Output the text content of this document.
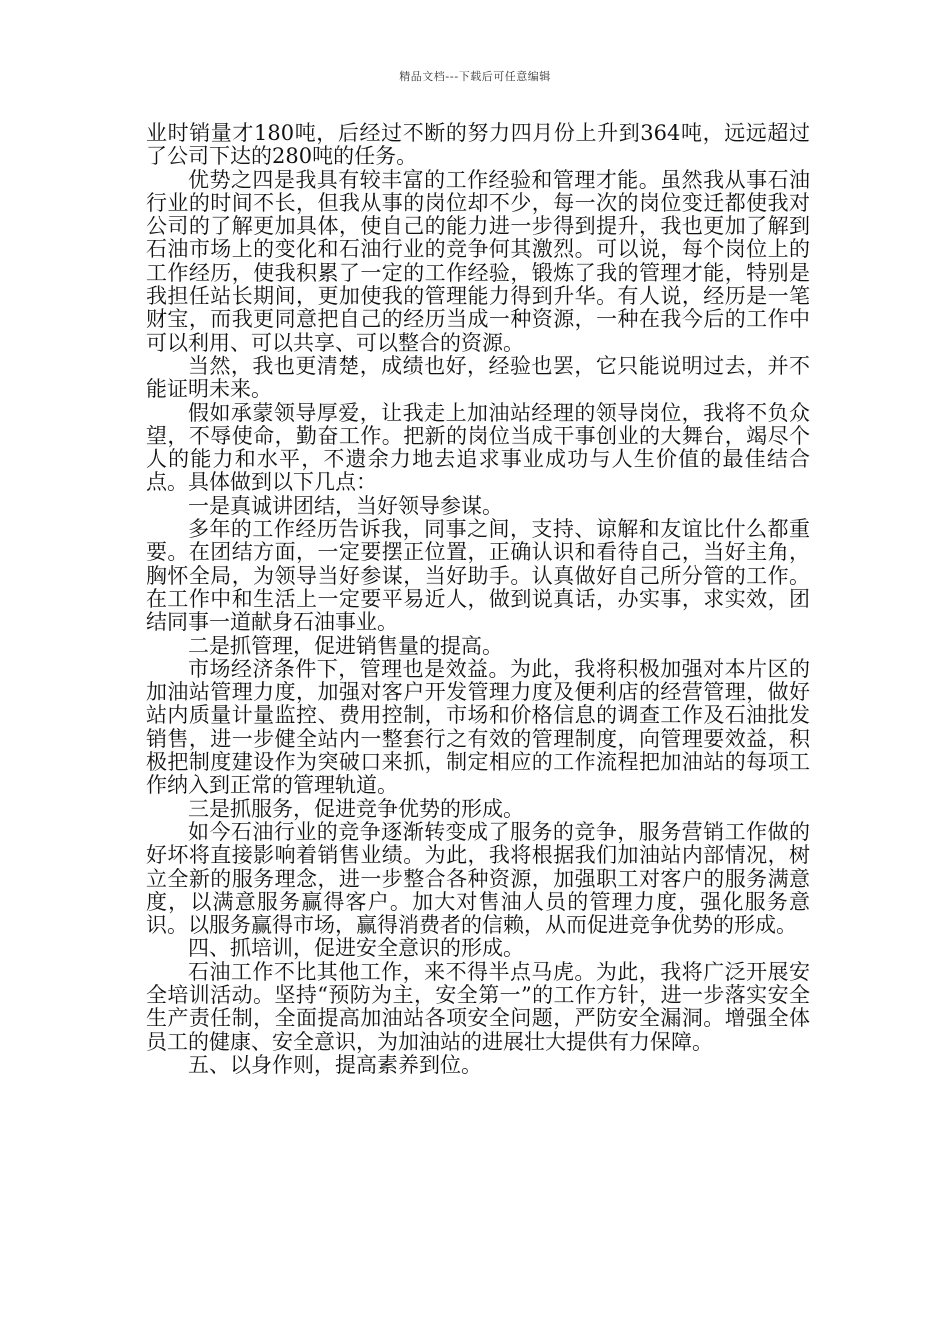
精品文档---下载后可任意编辑

业时销量才180吨，后经过不断的努力四月份上升到364吨，远远超过了公司下达的280吨的任务。

优势之四是我具有较丰富的工作经验和管理才能。虽然我从事石油行业的时间不长，但我从事的岗位却不少，每一次的岗位变迁都使我对公司的了解更加具体，使自己的能力进一步得到提升，我也更加了解到石油市场上的变化和石油行业的竞争何其激烈。可以说，每个岗位上的工作经历，使我积累了一定的工作经验，锻炼了我的管理才能，特别是我担任站长期间，更加使我的管理能力得到升华。有人说，经历是一笔财宝，而我更同意把自己的经历当成一种资源，一种在我今后的工作中可以利用、可以共享、可以整合的资源。

当然，我也更清楚，成绩也好，经验也罢，它只能说明过去，并不能证明未来。

假如承蒙领导厚爱，让我走上加油站经理的领导岗位，我将不负众望，不辱使命，勤奋工作。把新的岗位当成干事创业的大舞台，竭尽个人的能力和水平，不遗余力地去追求事业成功与人生价值的最佳结合点。具体做到以下几点：

一是真诚讲团结，当好领导参谋。

多年的工作经历告诉我，同事之间，支持、谅解和友谊比什么都重要。在团结方面，一定要摆正位置，正确认识和看待自己，当好主角，胸怀全局，为领导当好参谋，当好助手。认真做好自己所分管的工作。在工作中和生活上一定要平易近人，做到说真话，办实事，求实效，团结同事一道献身石油事业。

二是抓管理，促进销售量的提高。

市场经济条件下，管理也是效益。为此，我将积极加强对本片区的加油站管理力度，加强对客户开发管理力度及便利店的经营管理，做好站内质量计量监控、费用控制，市场和价格信息的调查工作及石油批发销售，进一步健全站内一整套行之有效的管理制度，向管理要效益，积极把制度建设作为突破口来抓，制定相应的工作流程把加油站的每项工作纳入到正常的管理轨道。

三是抓服务，促进竞争优势的形成。

如今石油行业的竞争逐渐转变成了服务的竞争，服务营销工作做的好坏将直接影响着销售业绩。为此，我将根据我们加油站内部情况，树立全新的服务理念，进一步整合各种资源，加强职工对客户的服务满意度，以满意服务赢得客户。加大对售油人员的管理力度，强化服务意识。以服务赢得市场，赢得消费者的信赖，从而促进竞争优势的形成。

四、抓培训，促进安全意识的形成。

石油工作不比其他工作，来不得半点马虎。为此，我将广泛开展安全培训活动。坚持“预防为主，安全第一”的工作方针，进一步落实安全生产责任制，全面提高加油站各项安全问题，严防安全漏洞。增强全体员工的健康、安全意识，为加油站的进展壮大提供有力保障。

五、以身作则，提高素养到位。
